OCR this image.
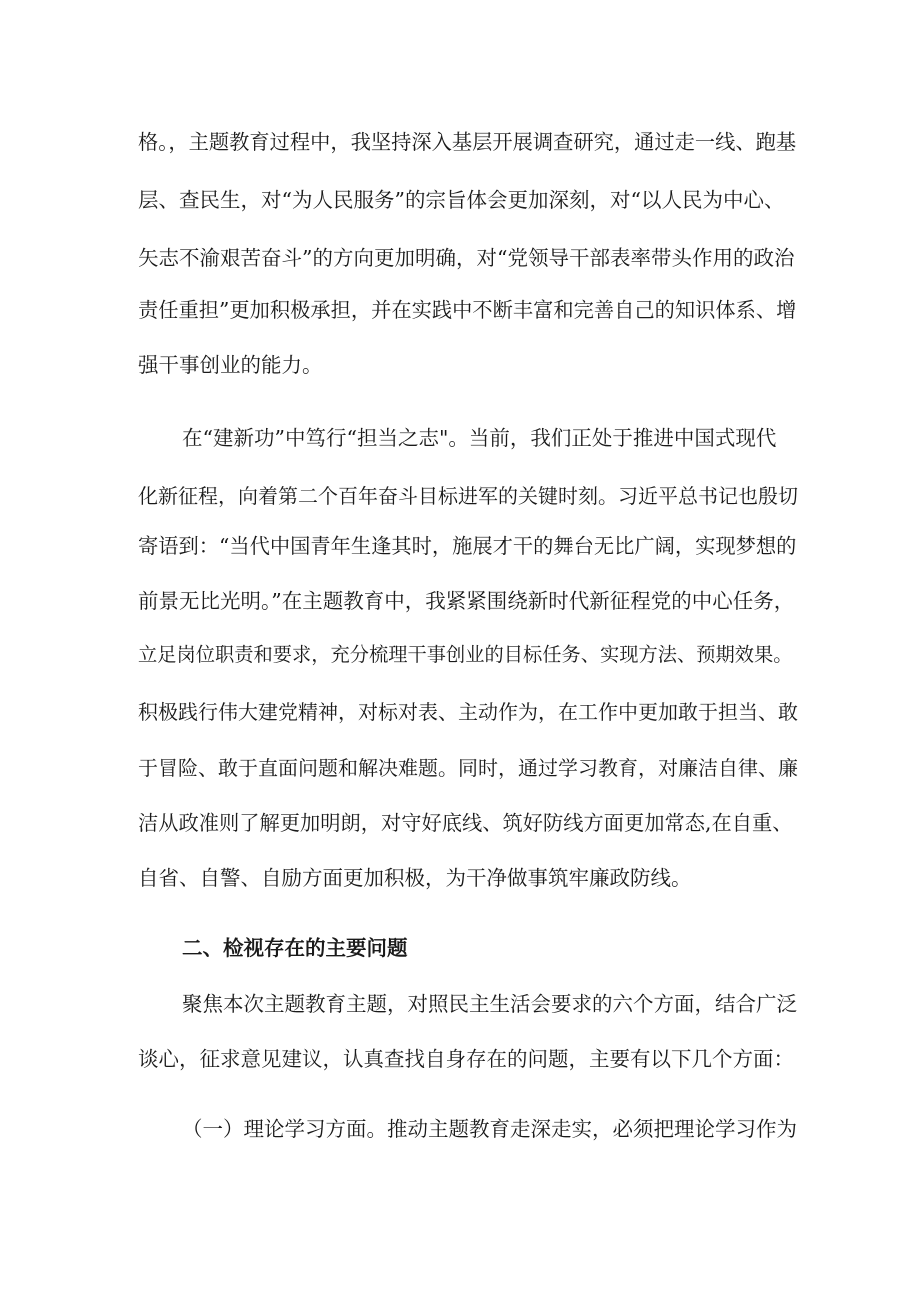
格。，主题教育过程中，我坚持深入基层开展调查研究，通过走一线、跑基
层、查民生，对“为人民服务”的宗旨体会更加深刻，对“以人民为中心、
矢志不渝艰苦奋斗”的方向更加明确，对“党领导干部表率带头作用的政治
责任重担”更加积极承担，并在实践中不断丰富和完善自己的知识体系、增
强干事创业的能力。
在“建新功”中笃行“担当之志"。当前，我们正处于推进中国式现代
化新征程，向着第二个百年奋斗目标进军的关键时刻。习近平总书记也殷切
寄语到：“当代中国青年生逢其时，施展才干的舞台无比广阔，实现梦想的
前景无比光明。”在主题教育中，我紧紧围绕新时代新征程党的中心任务，
立足岗位职责和要求，充分梳理干事创业的目标任务、实现方法、预期效果。
积极践行伟大建党精神，对标对表、主动作为，在工作中更加敢于担当、敢
于冒险、敢于直面问题和解决难题。同时，通过学习教育，对廉洁自律、廉
洁从政准则了解更加明朗，对守好底线、筑好防线方面更加常态,在自重、
自省、自警、自励方面更加积极，为干净做事筑牢廉政防线。
二、检视存在的主要问题
聚焦本次主题教育主题，对照民主生活会要求的六个方面，结合广泛
谈心，征求意见建议，认真查找自身存在的问题，主要有以下几个方面：
（一）理论学习方面。推动主题教育走深走实，必须把理论学习作为
